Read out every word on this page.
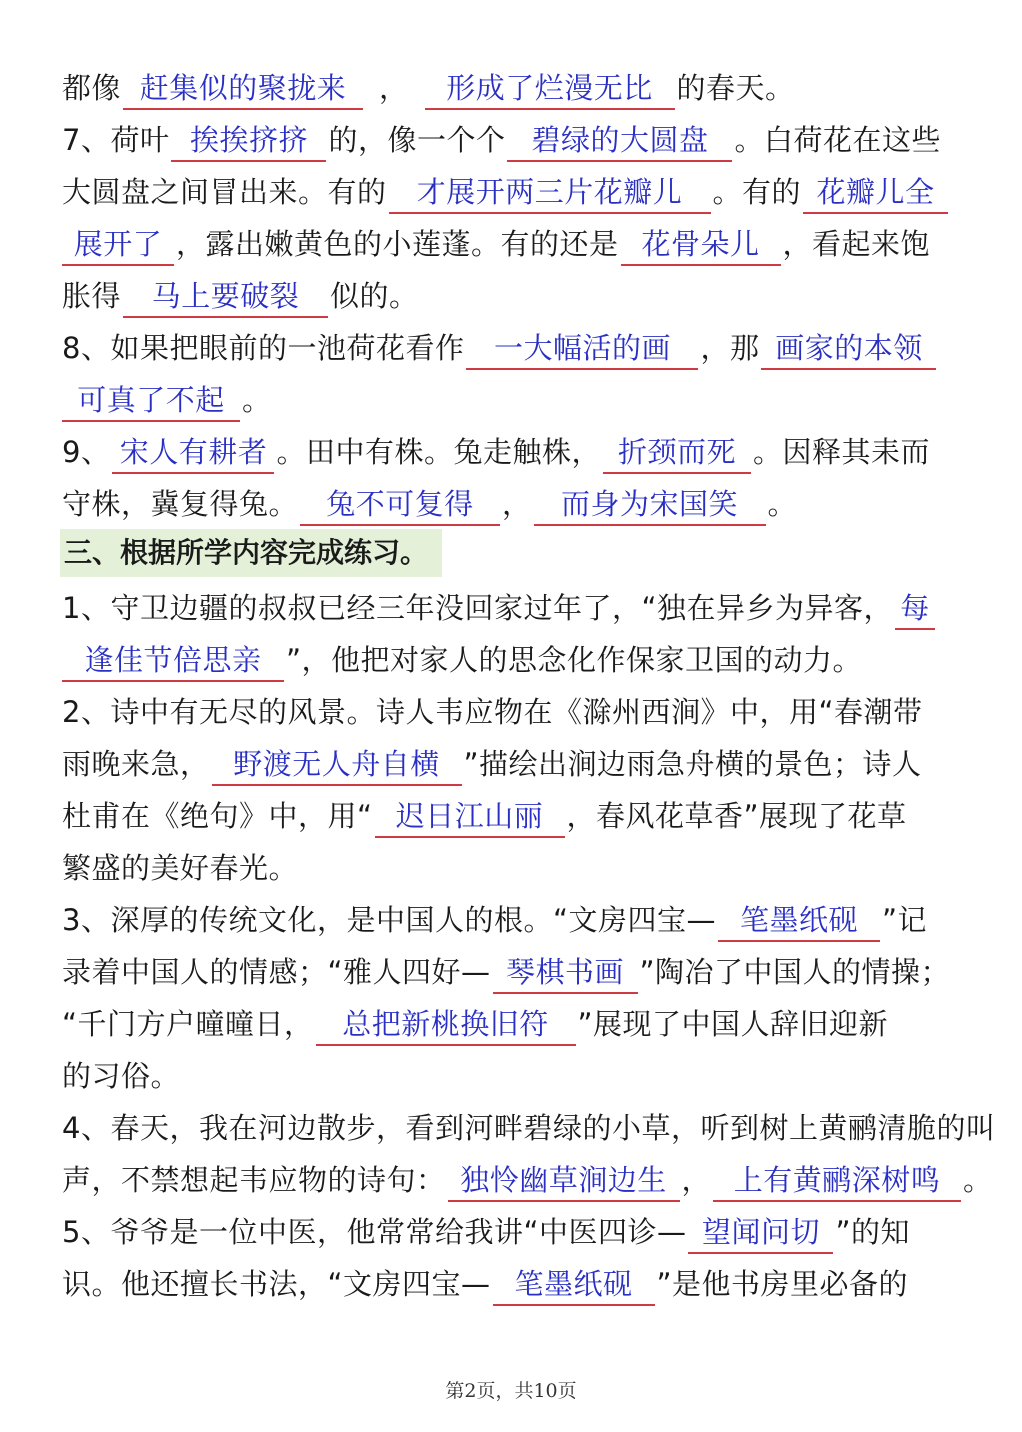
都像 赶集似的聚拢来 ， 形成了烂漫无比 的春天。
7、荷叶 挨挨挤挤 的，像一个个 碧绿的大圆盘 。白荷花在这些
大圆盘之间冒出来。有的 才展开两三片花瓣儿 。有的 花瓣儿全
展开了 ，露出嫩黄色的小莲蓬。有的还是 花骨朵儿 ，看起来饱
胀得 马上要破裂 似的。
8、如果把眼前的一池荷花看作 一大幅活的画 ，那 画家的本领
可真了不起 。
9、 宋人有耕者 。田中有株。兔走触株， 折颈而死 。因释其耒而
守株，冀复得兔。 兔不可复得 ， 而身为宋国笑 。
三、根据所学内容完成练习。
1、守卫边疆的叔叔已经三年没回家过年了，“独在异乡为异客， 每
逢佳节倍思亲 ”，他把对家人的思念化作保家卫国的动力。
2、诗中有无尽的风景。诗人韦应物在《滁州西涧》中，用“春潮带
雨晚来急， 野渡无人舟自横 ”描绘出涧边雨急舟横的景色；诗人
杜甫在《绝句》中，用“ 迟日江山丽 ，春风花草香”展现了花草
繁盛的美好春光。
3、深厚的传统文化，是中国人的根。“文房四宝— 笔墨纸砚 ”记
录着中国人的情感；“雅人四好— 琴棋书画 ”陶冶了中国人的情操；
“千门方户曈曈日， 总把新桃换旧符 ”展现了中国人辞旧迎新
的习俗。
4、春天，我在河边散步，看到河畔碧绿的小草，听到树上黄鹂清脆的叫
声，不禁想起韦应物的诗句： 独怜幽草涧边生 ， 上有黄鹂深树鸣 。
5、爷爷是一位中医，他常常给我讲“中医四诊— 望闻问切 ”的知
识。他还擅长书法，“文房四宝— 笔墨纸砚 ”是他书房里必备的
第2页，共10页
